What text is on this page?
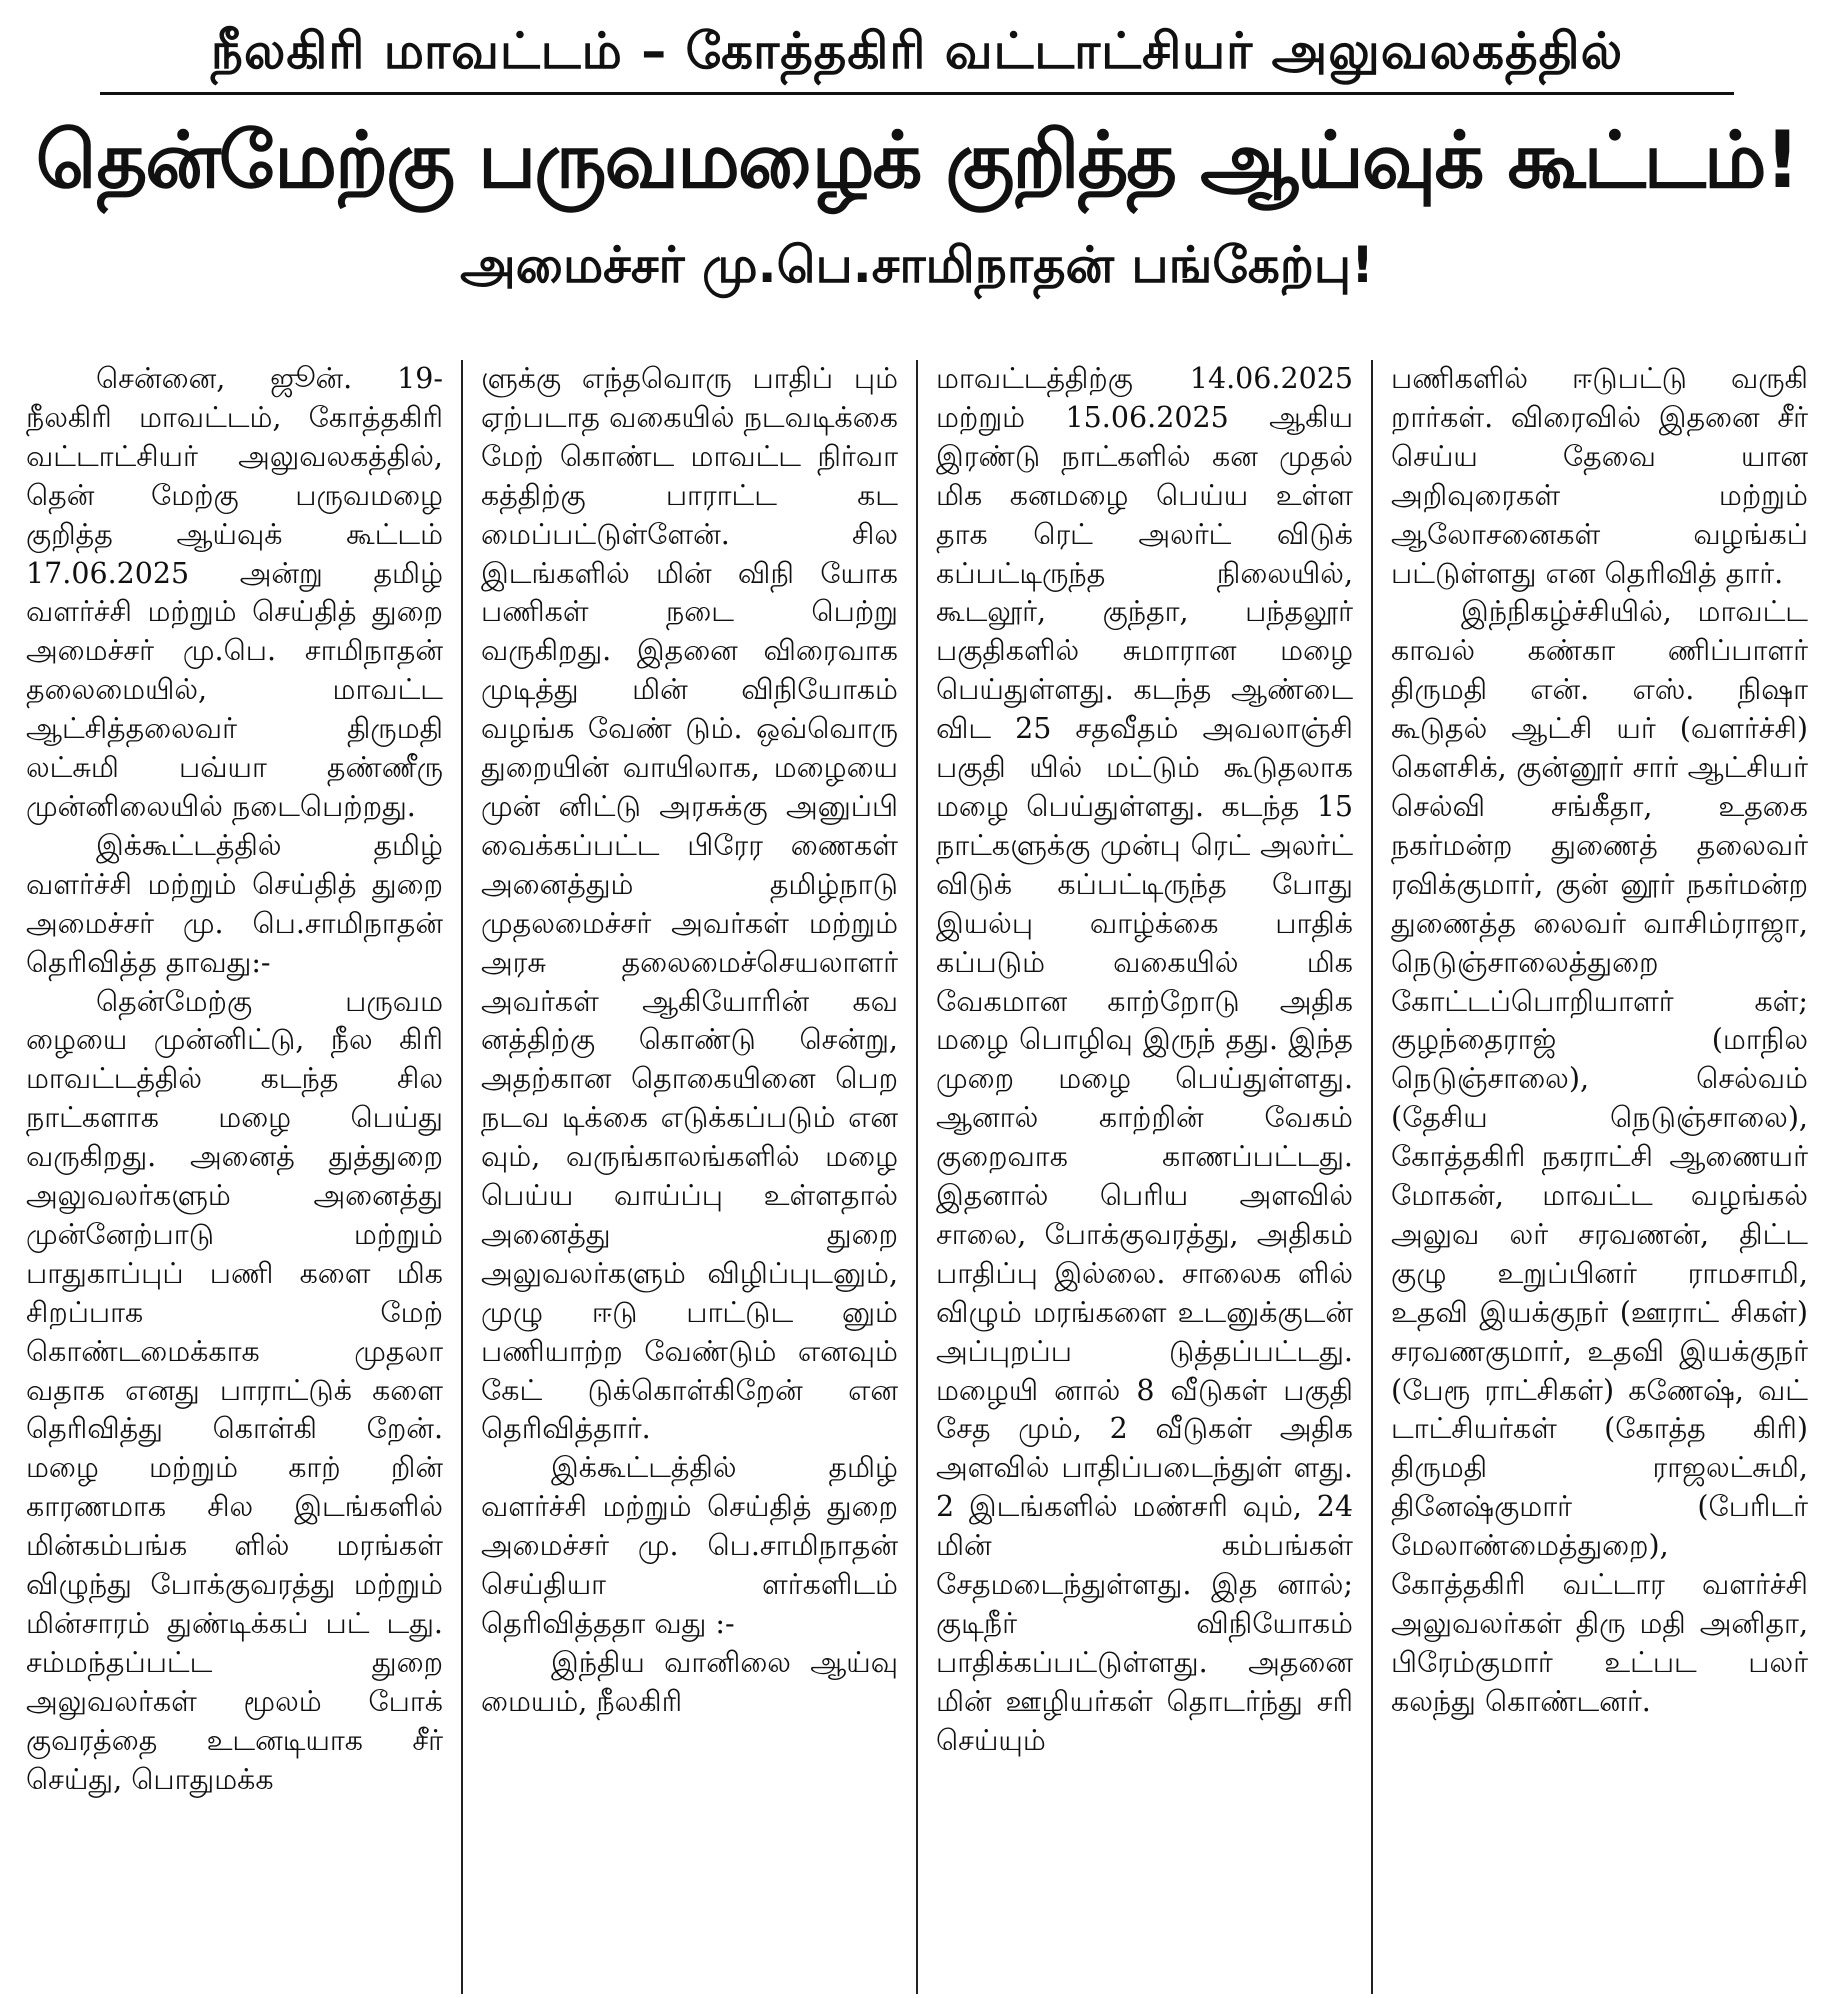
நீலகிரி மாவட்டம் – கோத்தகிரி வட்டாட்சியர் அலுவலகத்தில்
தென்மேற்கு பருவமழைக் குறித்த ஆய்வுக் கூட்டம்!
அமைச்சர் மு.பெ.சாமிநாதன் பங்கேற்பு!

சென்னை, ஜூன். 19- நீலகிரி மாவட்டம், கோத்தகிரி வட்டாட்சியர் அலுவலகத்தில், தென் மேற்கு பருவமழை குறித்த ஆய்வுக் கூட்டம் 17.06.2025 அன்று தமிழ் வளர்ச்சி மற்றும் செய்தித் துறை அமைச்சர் மு.பெ. சாமிநாதன் தலைமையில், மாவட்ட ஆட்சித்தலைவர் திருமதி லட்சுமி பவ்யா தண்ணீரு முன்னிலையில் நடைபெற்றது.

இக்கூட்டத்தில் தமிழ் வளர்ச்சி மற்றும் செய்தித் துறை அமைச்சர் மு. பெ.சாமிநாதன் தெரிவித்த தாவது:-

தென்மேற்கு பருவம ழையை முன்னிட்டு, நீல கிரி மாவட்டத்தில் கடந்த சில நாட்களாக மழை பெய்து வருகிறது. அனைத் துத்துறை அலுவலர்களும் அனைத்து முன்னேற்பாடு மற்றும் பாதுகாப்புப் பணி களை மிக சிறப்பாக மேற் கொண்டமைக்காக முதலா வதாக எனது பாராட்டுக் களை தெரிவித்து கொள்கி றேன். மழை மற்றும் காற் றின் காரணமாக சில இடங்களில் மின்கம்பங்க ளில் மரங்கள் விழுந்து போக்குவரத்து மற்றும் மின்சாரம் துண்டிக்கப் பட் டது. சம்மந்தப்பட்ட துறை அலுவலர்கள் மூலம் போக் குவரத்தை உடனடியாக சீர் செய்து, பொதுமக்க

ளுக்கு எந்தவொரு பாதிப் பும் ஏற்படாத வகையில் நடவடிக்கை மேற் கொண்ட மாவட்ட நிர்வா கத்திற்கு பாராட்ட கட மைப்பட்டுள்ளேன். சில இடங்களில் மின் விநி யோக பணிகள் நடை பெற்று வருகிறது. இதனை விரைவாக முடித்து மின் விநியோகம் வழங்க வேண் டும். ஒவ்வொரு துறையின் வாயிலாக, மழையை முன் னிட்டு அரசுக்கு அனுப்பி வைக்கப்பட்ட பிரேர ணைகள் அனைத்தும் தமிழ்நாடு முதலமைச்சர் அவர்கள் மற்றும் அரசு தலைமைச்செயலாளர் அவர்கள் ஆகியோரின் கவ னத்திற்கு கொண்டு சென்று, அதற்கான தொகையினை பெற நடவ டிக்கை எடுக்கப்படும் என வும், வருங்காலங்களில் மழை பெய்ய வாய்ப்பு உள்ளதால் அனைத்து துறை அலுவலர்களும் விழிப்புடனும், முழு ஈடு பாட்டுட னும் பணியாற்ற வேண்டும் எனவும் கேட் டுக்கொள்கிறேன் என தெரிவித்தார்.

இக்கூட்டத்தில் தமிழ் வளர்ச்சி மற்றும் செய்தித் துறை அமைச்சர் மு. பெ.சாமிநாதன் செய்தியா ளர்களிடம் தெரிவித்ததா வது :-

இந்திய வானிலை ஆய்வு மையம், நீலகிரி

மாவட்டத்திற்கு 14.06.2025 மற்றும் 15.06.2025 ஆகிய இரண்டு நாட்களில் கன முதல் மிக கனமழை பெய்ய உள்ள தாக ரெட் அலர்ட் விடுக் கப்பட்டிருந்த நிலையில், கூடலூர், குந்தா, பந்தலூர் பகுதிகளில் சுமாரான மழை பெய்துள்ளது. கடந்த ஆண்டை விட 25 சதவீதம் அவலாஞ்சி பகுதி யில் மட்டும் கூடுதலாக மழை பெய்துள்ளது. கடந்த 15 நாட்களுக்கு முன்பு ரெட் அலர்ட் விடுக் கப்பட்டிருந்த போது இயல்பு வாழ்க்கை பாதிக் கப்படும் வகையில் மிக வேகமான காற்றோடு அதிக மழை பொழிவு இருந் தது. இந்த முறை மழை பெய்துள்ளது. ஆனால் காற்றின் வேகம் குறைவாக காணப்பட்டது. இதனால் பெரிய அளவில் சாலை, போக்குவரத்து, அதிகம் பாதிப்பு இல்லை. சாலைக ளில் விழும் மரங்களை உடனுக்குடன் அப்புறப்ப டுத்தப்பட்டது. மழையி னால் 8 வீடுகள் பகுதி சேத மும், 2 வீடுகள் அதிக அளவில் பாதிப்படைந்துள் ளது. 2 இடங்களில் மண்சரி வும், 24 மின் கம்பங்கள் சேதமடைந்துள்ளது. இத னால்; குடிநீர் விநியோகம் பாதிக்கப்பட்டுள்ளது. அதனை மின் ஊழியர்கள் தொடர்ந்து சரி செய்யும்

பணிகளில் ஈடுபட்டு வருகி றார்கள். விரைவில் இதனை சீர் செய்ய தேவை யான அறிவுரைகள் மற்றும் ஆலோசனைகள் வழங்கப் பட்டுள்ளது என தெரிவித் தார்.

இந்நிகழ்ச்சியில், மாவட்ட காவல் கண்கா ணிப்பாளர் திருமதி என். எஸ். நிஷா கூடுதல் ஆட்சி யர் (வளர்ச்சி) கௌசிக், குன்னூர் சார் ஆட்சியர் செல்வி சங்கீதா, உதகை நகர்மன்ற துணைத் தலைவர் ரவிக்குமார், குன் னூர் நகர்மன்ற துணைத்த லைவர் வாசிம்ராஜா, நெடுஞ்சாலைத்துறை கோட்டப்பொறியாளர் கள்; குழந்தைராஜ் (மாநில நெடுஞ்சாலை), செல்வம் (தேசிய நெடுஞ்சாலை), கோத்தகிரி நகராட்சி ஆணையர் மோகன், மாவட்ட வழங்கல் அலுவ லர் சரவணன், திட்ட குழு உறுப்பினர் ராமசாமி, உதவி இயக்குநர் (ஊராட் சிகள்) சரவணகுமார், உதவி இயக்குநர் (பேரூ ராட்சிகள்) கணேஷ், வட் டாட்சியர்கள் (கோத்த கிரி) திருமதி ராஜலட்சுமி, தினேஷ்குமார் (பேரிடர் மேலாண்மைத்துறை), கோத்தகிரி வட்டார வளர்ச்சி அலுவலர்கள் திரு மதி அனிதா, பிரேம்குமார் உட்பட பலர் கலந்து கொண்டனர்.
